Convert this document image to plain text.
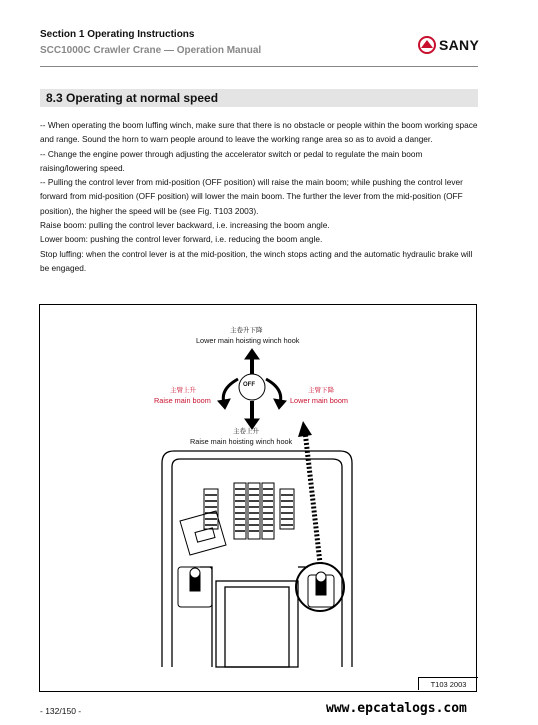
Section 1 Operating Instructions
SCC1000C Crawler Crane — Operation Manual	SANY
8.3 Operating at normal speed

-- When operating the boom luffing winch, make sure that there is no obstacle or people within the boom working space and range. Sound the horn to warn people around to leave the working range area so as to avoid a danger.

-- Change the engine power through adjusting the accelerator switch or pedal to regulate the main boom raising/lowering speed.

-- Pulling the control lever from mid-position (OFF position) will raise the main boom; while pushing the control lever forward from mid-position (OFF position) will lower the main boom. The further the lever from the mid-position (OFF position), the higher the speed will be (see Fig. T103 2003).

Raise boom: pulling the control lever backward, i.e. increasing the boom angle.

Lower boom: pushing the control lever forward, i.e. reducing the boom angle.

Stop luffing: when the control lever is at the mid-position, the winch stops acting and the automatic hydraulic brake will be engaged.

主卷升下降
Lower main hoisting winch hook
主臂上升
Raise main boom
主臂下降
Lower main boom
OFF
主卷上升
Raise main hoisting winch hook
T103 2003
- 132/150 -	www.epcatalogs.com
